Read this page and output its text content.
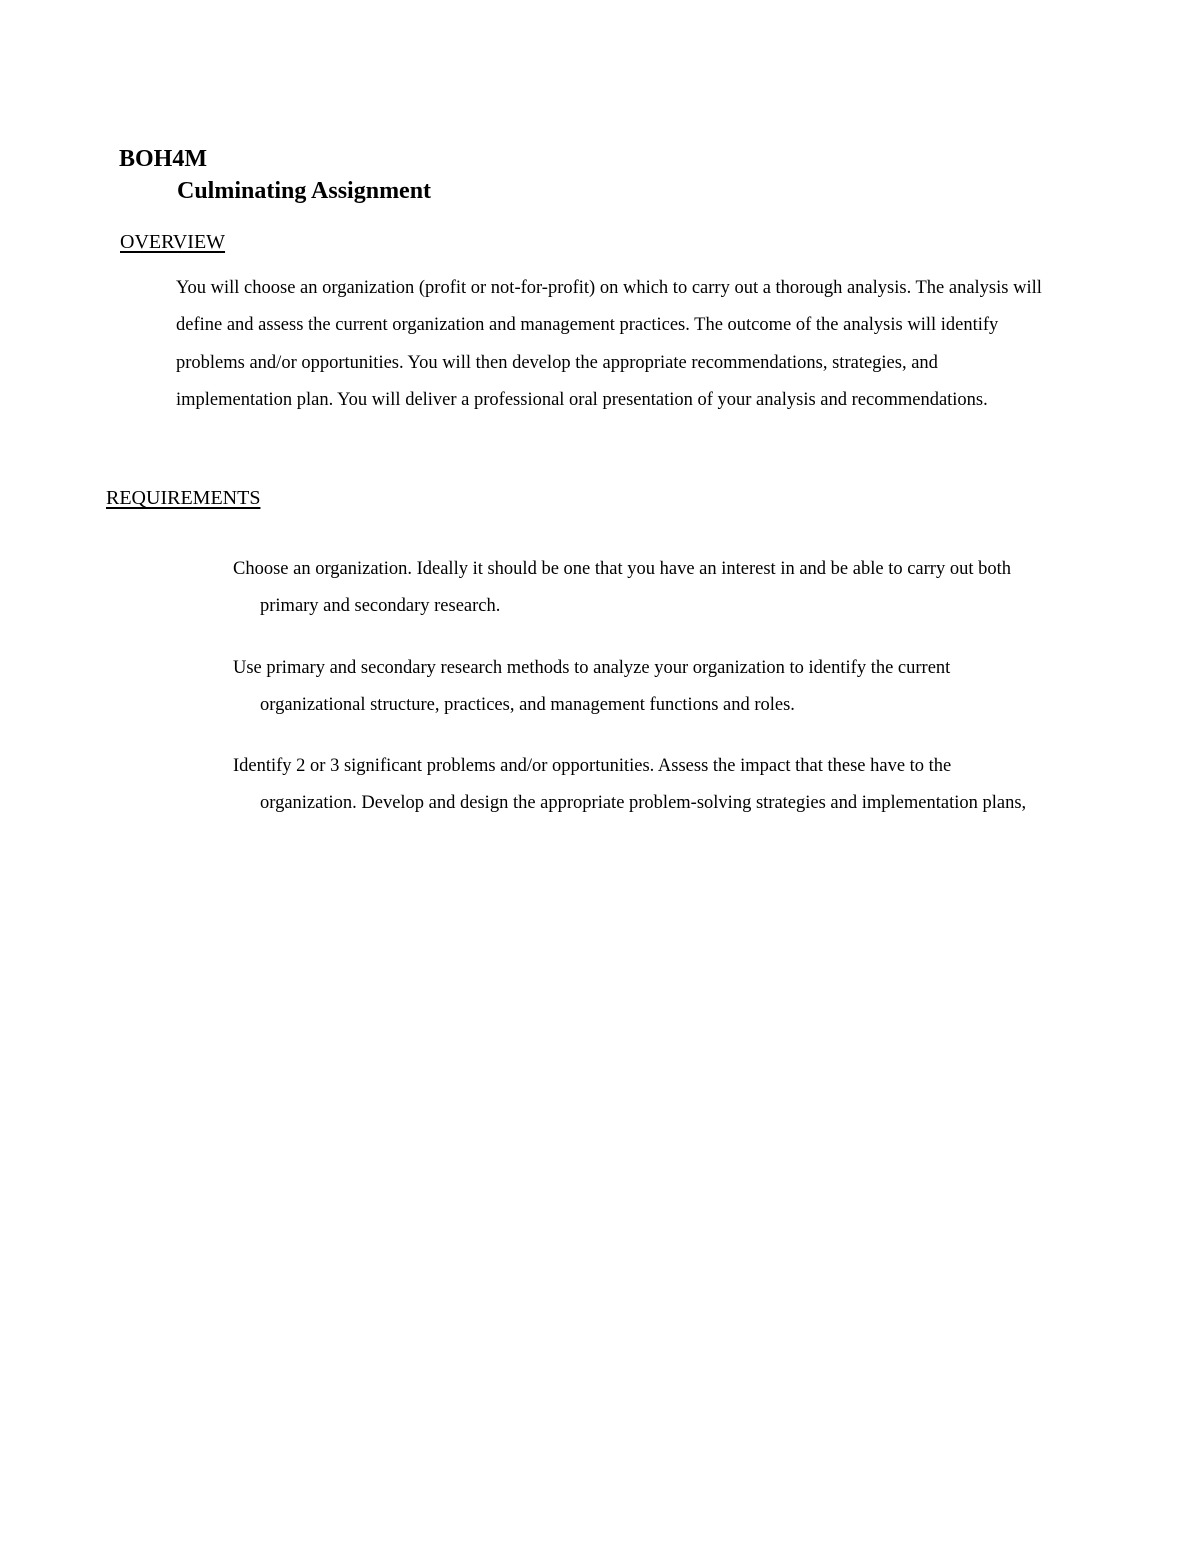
BOH4M
Culminating Assignment
OVERVIEW

You will choose an organization (profit or not-for-profit) on which to carry out a thorough analysis. The analysis will define and assess the current organization and management practices. The outcome of the analysis will identify problems and/or opportunities. You will then develop the appropriate recommendations, strategies, and implementation plan. You will deliver a professional oral presentation of your analysis and recommendations.

REQUIREMENTS
Choose an organization. Ideally it should be one that you have an interest in and be able to carry out both primary and secondary research.
Use primary and secondary research methods to analyze your organization to identify the current organizational structure, practices, and management functions and roles.
Identify 2 or 3 significant problems and/or opportunities. Assess the impact that these have to the organization. Develop and design the appropriate problem-solving strategies and implementation plans,
